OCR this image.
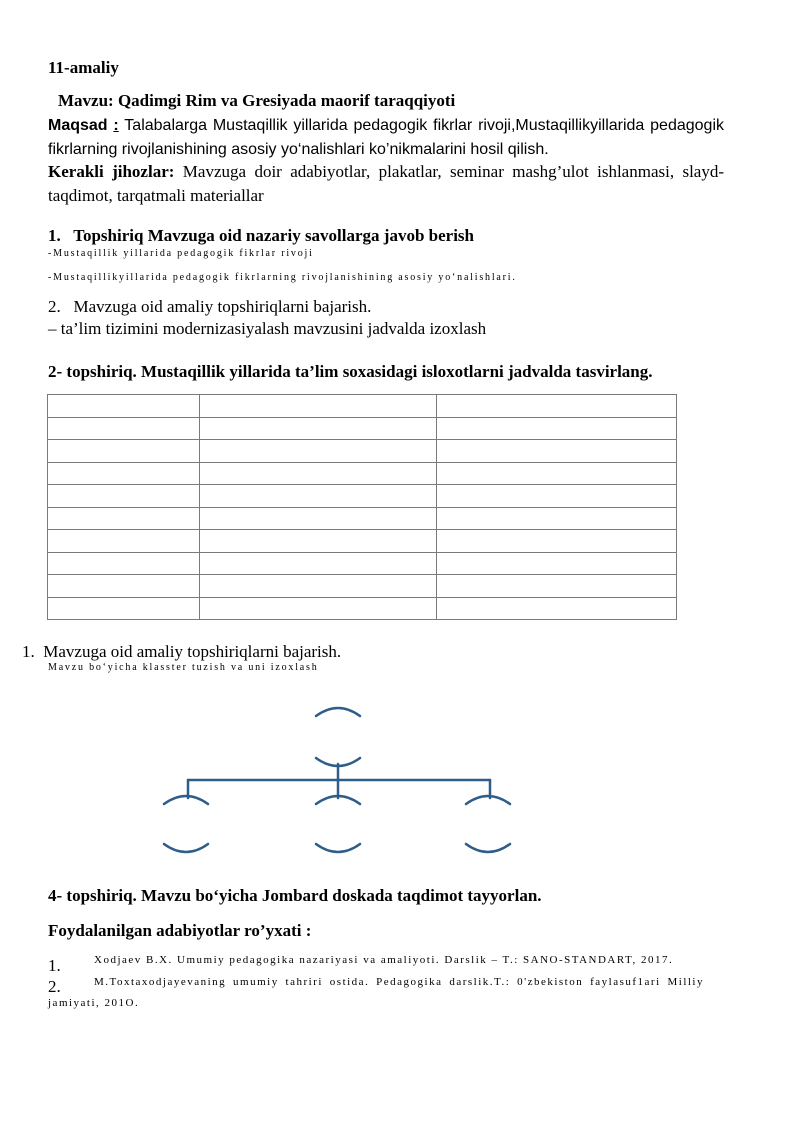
11-amaliy
Mavzu: Qadimgi Rim va Gresiyada maorif taraqqiyoti
Maqsad : Talabalarga Mustaqillik yillarida pedagogik fikrlar rivoji,Mustaqillikyillarida pedagogik fikrlarning rivojlanishining asosiy yo‘nalishlari ko’nikmalarini hosil qilish.
Kerakli jihozlar: Mavzuga doir adabiyotlar, plakatlar, seminar mashg’ulot ishlanmasi, slayd-taqdimot, tarqatmali materiallar
1. Topshiriq Mavzuga oid nazariy savollarga javob berish
-Mustaqillik yillarida pedagogik fikrlar rivoji
-Mustaqillikyillarida pedagogik fikrlarning rivojlanishining asosiy yo‘nalishlari.
2. Mavzuga oid amaliy topshiriqlarni bajarish.
– ta’lim tizimini modernizasiyalash mavzusini jadvalda izoxlash
2- topshiriq. Mustaqillik yillarida ta’lim soxasidagi isloxotlarni jadvalda tasvirlang.

1. Mavzuga oid amaliy topshiriqlarni bajarish.
Mavzu bo‘yicha klasster tuzish va uni izoxlash
4- topshiriq. Mavzu bo‘yicha Jombard doskada taqdimot tayyorlan.
Foydalanilgan adabiyotlar ro’yxati :
1.	Xodjaev B.X. Umumiy pedagogika nazariyasi va amaliyoti. Darslik – T.: SANO-STANDART, 2017.
2.	M.Toxtaxodjayevaning umumiy tahriri ostida. Pedagogika darslik.T.: 0'zbekiston faylasuf1ari Milliy
jamiyati, 201O.
